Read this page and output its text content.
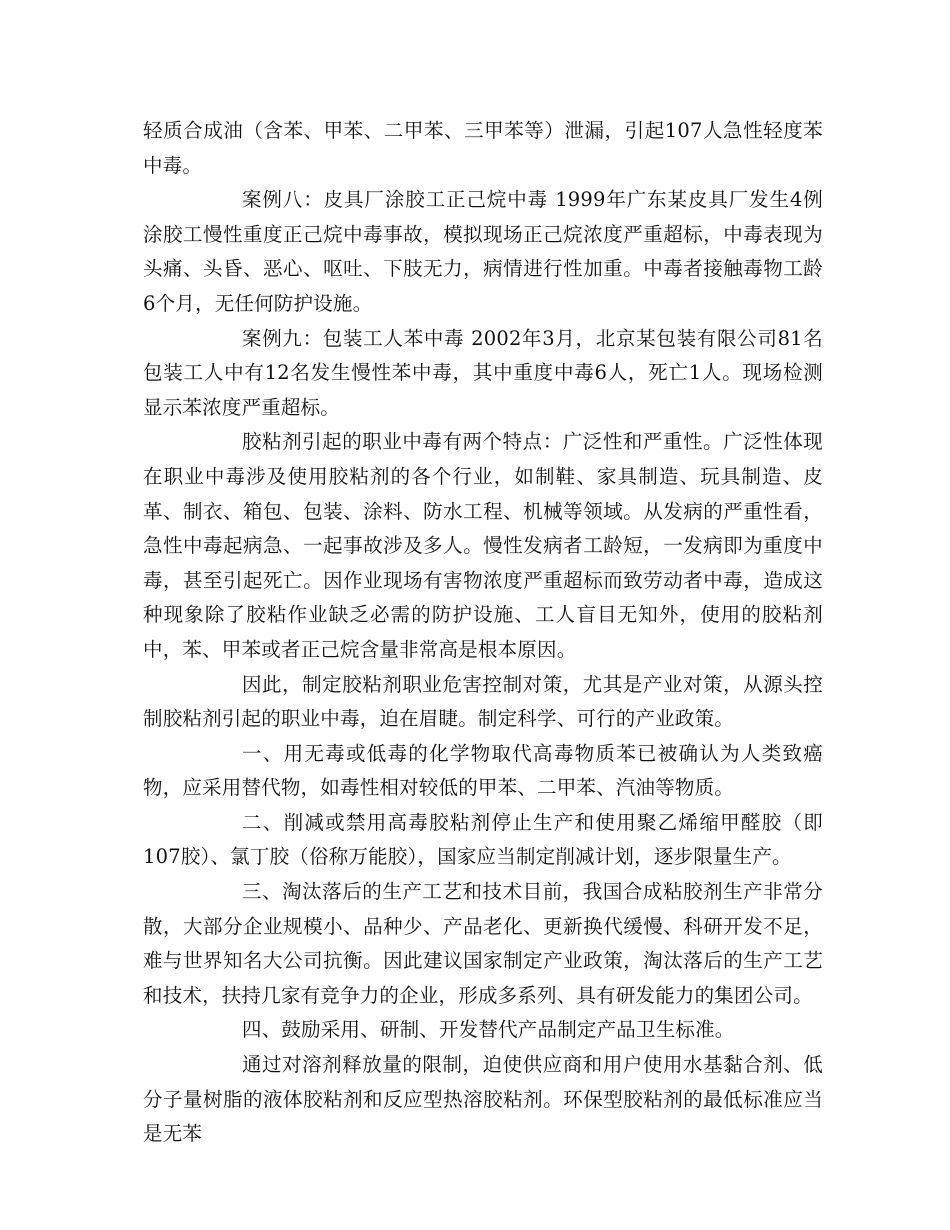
轻质合成油（含苯、甲苯、二甲苯、三甲苯等）泄漏，引起107人急性轻度苯中毒。

案例八：皮具厂涂胶工正己烷中毒 1999年广东某皮具厂发生4例涂胶工慢性重度正己烷中毒事故，模拟现场正己烷浓度严重超标，中毒表现为头痛、头昏、恶心、呕吐、下肢无力，病情进行性加重。中毒者接触毒物工龄6个月，无任何防护设施。

案例九：包装工人苯中毒 2002年3月，北京某包装有限公司81名包装工人中有12名发生慢性苯中毒，其中重度中毒6人，死亡1人。现场检测显示苯浓度严重超标。

胶粘剂引起的职业中毒有两个特点：广泛性和严重性。广泛性体现在职业中毒涉及使用胶粘剂的各个行业，如制鞋、家具制造、玩具制造、皮革、制衣、箱包、包装、涂料、防水工程、机械等领域。从发病的严重性看，急性中毒起病急、一起事故涉及多人。慢性发病者工龄短，一发病即为重度中毒，甚至引起死亡。因作业现场有害物浓度严重超标而致劳动者中毒，造成这种现象除了胶粘作业缺乏必需的防护设施、工人盲目无知外，使用的胶粘剂中，苯、甲苯或者正己烷含量非常高是根本原因。

因此，制定胶粘剂职业危害控制对策，尤其是产业对策，从源头控制胶粘剂引起的职业中毒，迫在眉睫。制定科学、可行的产业政策。

一、用无毒或低毒的化学物取代高毒物质苯已被确认为人类致癌物，应采用替代物，如毒性相对较低的甲苯、二甲苯、汽油等物质。

二、削减或禁用高毒胶粘剂停止生产和使用聚乙烯缩甲醛胶（即107胶）、氯丁胶（俗称万能胶），国家应当制定削减计划，逐步限量生产。

三、淘汰落后的生产工艺和技术目前，我国合成粘胶剂生产非常分散，大部分企业规模小、品种少、产品老化、更新换代缓慢、科研开发不足，难与世界知名大公司抗衡。因此建议国家制定产业政策，淘汰落后的生产工艺和技术，扶持几家有竞争力的企业，形成多系列、具有研发能力的集团公司。

四、鼓励采用、研制、开发替代产品制定产品卫生标准。

通过对溶剂释放量的限制，迫使供应商和用户使用水基黏合剂、低分子量树脂的液体胶粘剂和反应型热溶胶粘剂。环保型胶粘剂的最低标准应当是无苯
